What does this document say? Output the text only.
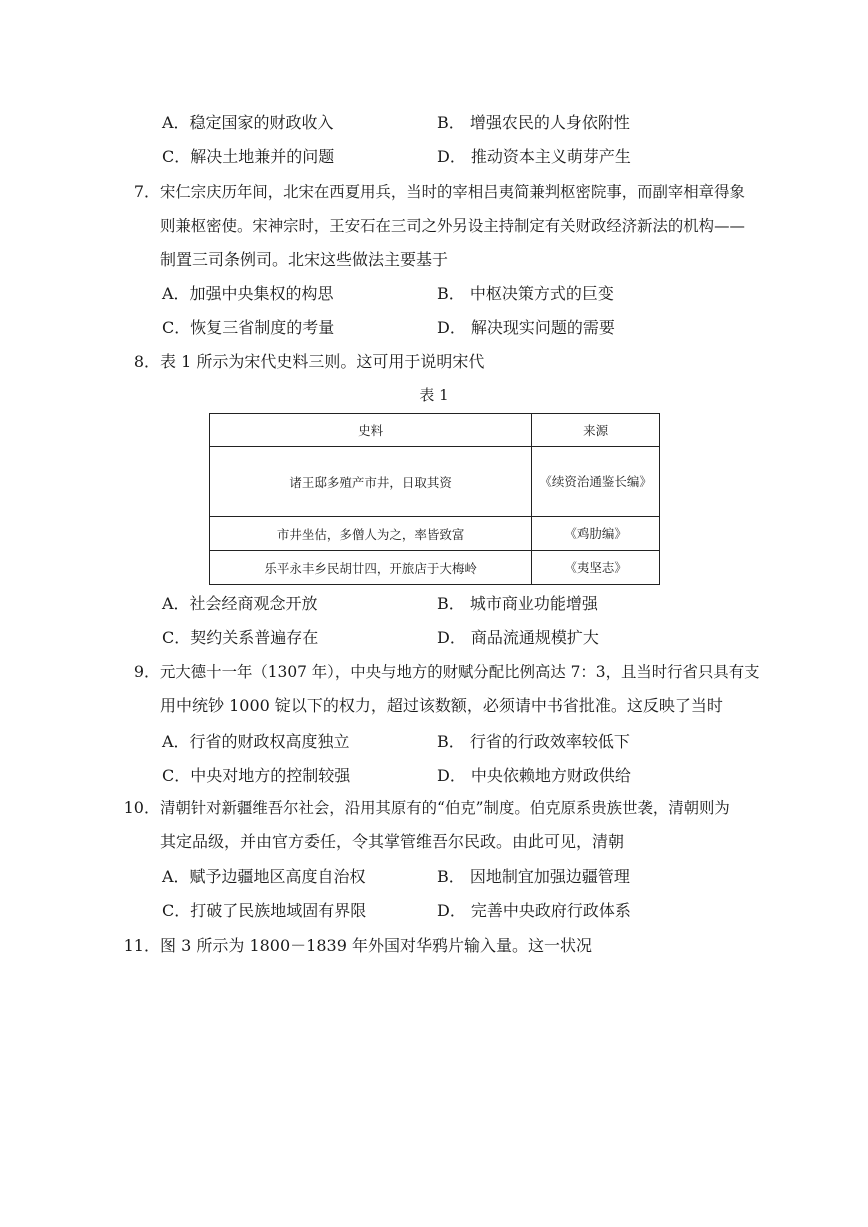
A．稳定国家的财政收入	B． 增强农民的人身依附性
C．解决土地兼并的问题	D． 推动资本主义萌芽产生
7． 宋仁宗庆历年间，北宋在西夏用兵，当时的宰相吕夷简兼判枢密院事，而副宰相章得象
则兼枢密使。宋神宗时，王安石在三司之外另设主持制定有关财政经济新法的机构——
制置三司条例司。北宋这些做法主要基于
A．加强中央集权的构思	B． 中枢决策方式的巨变
C．恢复三省制度的考量	D． 解决现实问题的需要
8． 表 1 所示为宋代史料三则。这可用于说明宋代
表 1
史料	来源
诸王邸多殖产市井，日取其资	《续资治通鉴长编》
市井坐估，多僧人为之，率皆致富	《鸡肋编》
乐平永丰乡民胡廿四，开旅店于大梅岭	《夷坚志》
A．社会经商观念开放	B． 城市商业功能增强
C．契约关系普遍存在	D． 商品流通规模扩大
9． 元大德十一年（1307 年），中央与地方的财赋分配比例高达 7：3，且当时行省只具有支
用中统钞 1000 锭以下的权力，超过该数额，必须请中书省批准。这反映了当时
A．行省的财政权高度独立	B． 行省的行政效率较低下
C．中央对地方的控制较强	D． 中央依赖地方财政供给
10． 清朝针对新疆维吾尔社会，沿用其原有的“伯克”制度。伯克原系贵族世袭，清朝则为
其定品级，并由官方委任，令其掌管维吾尔民政。由此可见，清朝
A．赋予边疆地区高度自治权	B． 因地制宜加强边疆管理
C．打破了民族地域固有界限	D． 完善中央政府行政体系
11． 图 3 所示为 1800－1839 年外国对华鸦片输入量。这一状况
